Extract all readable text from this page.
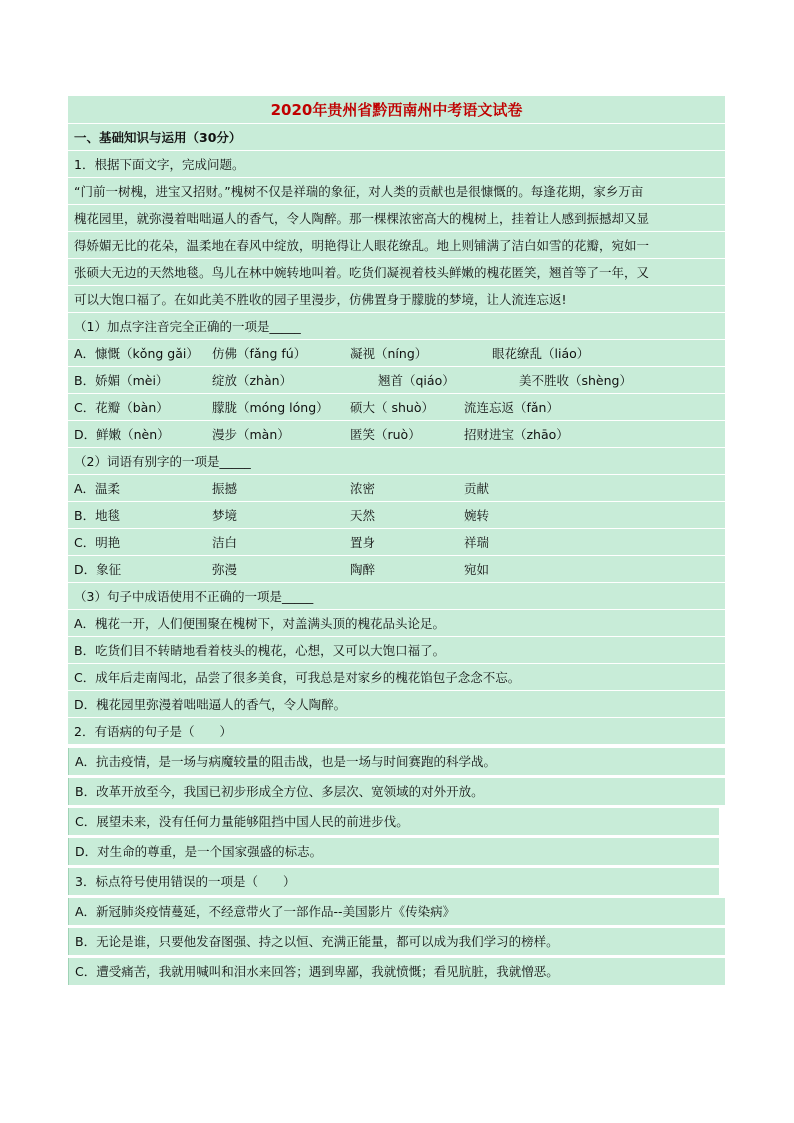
2020年贵州省黔西南州中考语文试卷
一、基础知识与运用（30分）
1．根据下面文字，完成问题。
“门前一树槐，进宝又招财。”槐树不仅是祥瑞的象征，对人类的贡献也是很慷慨的。每逢花期，家乡万亩
槐花园里，就弥漫着咄咄逼人的香气，令人陶醉。那一棵棵浓密高大的槐树上，挂着让人感到振撼却又显
得娇媚无比的花朵，温柔地在春风中绽放，明艳得让人眼花缭乱。地上则铺满了洁白如雪的花瓣，宛如一
张硕大无边的天然地毯。鸟儿在林中婉转地叫着。吃货们凝视着枝头鲜嫩的槐花匿笑，翘首等了一年，又
可以大饱口福了。在如此美不胜收的园子里漫步，仿佛置身于朦胧的梦境，让人流连忘返!
（1）加点字注音完全正确的一项是_____
A．慷慨（kǒng gǎi） 仿佛（fǎng fú）	凝视（níng）	眼花缭乱（liáo）
B．娇媚（mèi）	绽放（zhàn）	翘首（qiáo）	美不胜收（shèng）
C．花瓣（bàn）	朦胧（móng lóng） 硕大（ shuò） 流连忘返（fǎn）
D．鲜嫩（nèn）	漫步（màn）	匿笑（ruò）	招财进宝（zhāo）
（2）词语有别字的一项是_____
A．温柔	振撼	浓密	贡献
B．地毯	梦境	天然	婉转
C．明艳	洁白	置身	祥瑞
D．象征	弥漫	陶醉	宛如
（3）句子中成语使用不正确的一项是_____
A．槐花一开，人们便围聚在槐树下，对盖满头顶的槐花品头论足。
B．吃货们目不转睛地看着枝头的槐花，心想，又可以大饱口福了。
C．成年后走南闯北，品尝了很多美食，可我总是对家乡的槐花馅包子念念不忘。
D．槐花园里弥漫着咄咄逼人的香气，令人陶醉。
2．有语病的句子是（　　）
A．抗击疫情，是一场与病魔较量的阻击战，也是一场与时间赛跑的科学战。
B．改革开放至今，我国已初步形成全方位、多层次、宽领域的对外开放。
C．展望未来，没有任何力量能够阻挡中国人民的前进步伐。
D．对生命的尊重，是一个国家强盛的标志。
3．标点符号使用错误的一项是（　　）
A．新冠肺炎疫情蔓延，不经意带火了一部作品--美国影片《传染病》
B．无论是谁，只要他发奋图强、持之以恒、充满正能量，都可以成为我们学习的榜样。
C．遭受痛苦，我就用喊叫和泪水来回答；遇到卑鄙，我就愤慨；看见肮脏，我就憎恶。
